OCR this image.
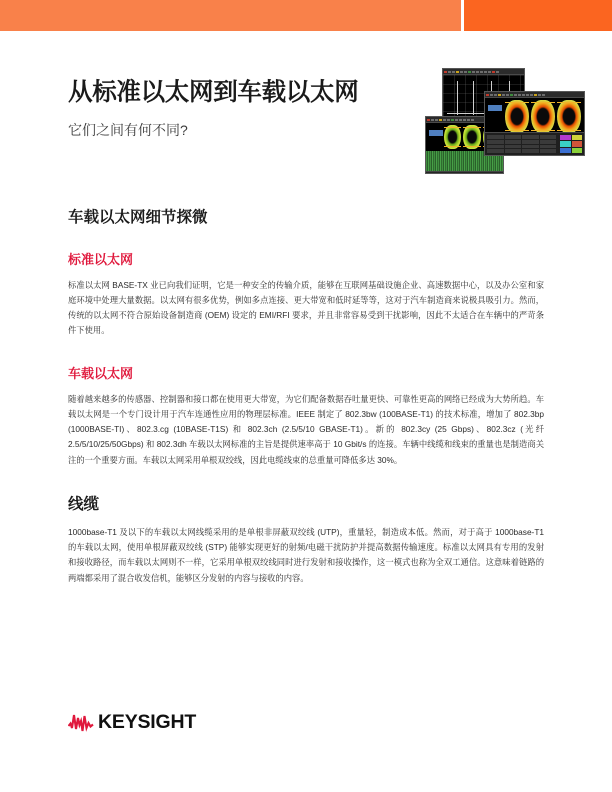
从标准以太网到车载以太网

它们之间有何不同?

车载以太网细节探微
标准以太网

标准以太网 BASE-TX 业已向我们证明，它是一种安全的传输介质，能够在互联网基础设施企业、高速数据中心，以及办公室和家庭环境中处理大量数据。以太网有很多优势，例如多点连接、更大带宽和低时延等等，这对于汽车制造商来说极具吸引力。然而，传统的以太网不符合原始设备制造商 (OEM) 设定的 EMI/RFI 要求，并且非常容易受到干扰影响，因此不太适合在车辆中的严苛条件下使用。

车载以太网

随着越来越多的传感器、控制器和接口都在使用更大带宽，为它们配备数据吞吐量更快、可靠性更高的网络已经成为大势所趋。车载以太网是一个专门设计用于汽车连通性应用的物理层标准。IEEE 制定了 802.3bw (100BASE-T1) 的技术标准，增加了 802.3bp (1000BASE-TI)、802.3.cg (10BASE-T1S) 和 802.3ch (2.5/5/10 GBASE-T1)。新的 802.3cy (25 Gbps)、802.3cz (光纤 2.5/5/10/25/50Gbps) 和 802.3dh 车载以太网标准的主旨是提供速率高于 10 Gbit/s 的连接。车辆中线缆和线束的重量也是制造商关注的一个重要方面。车载以太网采用单根双绞线，因此电缆线束的总重量可降低多达 30%。

线缆

1000base-T1 及以下的车载以太网线缆采用的是单根非屏蔽双绞线 (UTP)，重量轻，制造成本低。然而，对于高于 1000base-T1 的车载以太网，使用单根屏蔽双绞线 (STP) 能够实现更好的射频/电磁干扰防护并提高数据传输速度。标准以太网具有专用的发射和接收路径，而车载以太网则不一样，它采用单根双绞线同时进行发射和接收操作，这一模式也称为全双工通信。这意味着链路的两端都采用了混合收发信机，能够区分发射的内容与接收的内容。

KEYSIGHT
